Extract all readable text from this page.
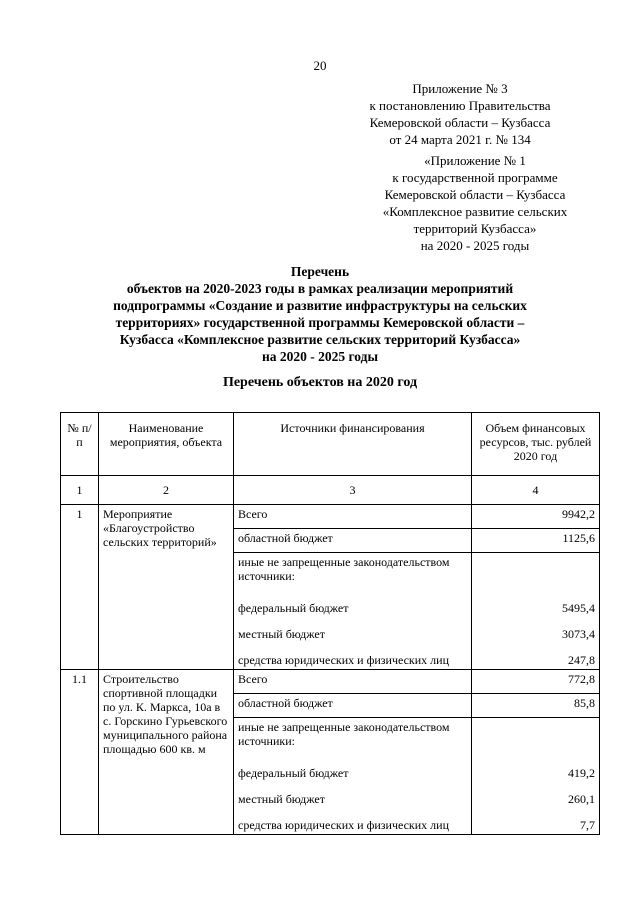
20
Приложение № 3
к постановлению Правительства
Кемеровской области – Кузбасса
от 24 марта 2021 г. № 134
«Приложение № 1
к государственной программе
Кемеровской области – Кузбасса
«Комплексное развитие сельских
территорий Кузбасса»
на 2020 - 2025 годы
Перечень
объектов на 2020-2023 годы в рамках реализации мероприятий
подпрограммы «Создание и развитие инфраструктуры на сельских
территориях» государственной программы Кемеровской области –
Кузбасса «Комплексное развитие сельских территорий Кузбасса»
на 2020 - 2025 годы
Перечень объектов на 2020 год
№ п/п	Наименование мероприятия, объекта	Источники финансирования	Объем финансовых ресурсов, тыс. рублей 2020 год
1	2	3	4
1	Мероприятие «Благоустройство сельских территорий»	Всего	9942,2
		областной бюджет	1125,6
		иные не запрещенные законодательством источники:	
		федеральный бюджет	5495,4
		местный бюджет	3073,4
		средства юридических и физических лиц	247,8
1.1	Строительство спортивной площадки по ул. К. Маркса, 10а в с. Горскино Гурьевского муниципального района площадью 600 кв. м	Всего	772,8
		областной бюджет	85,8
		иные не запрещенные законодательством источники:	
		федеральный бюджет	419,2
		местный бюджет	260,1
		средства юридических и физических лиц	7,7
